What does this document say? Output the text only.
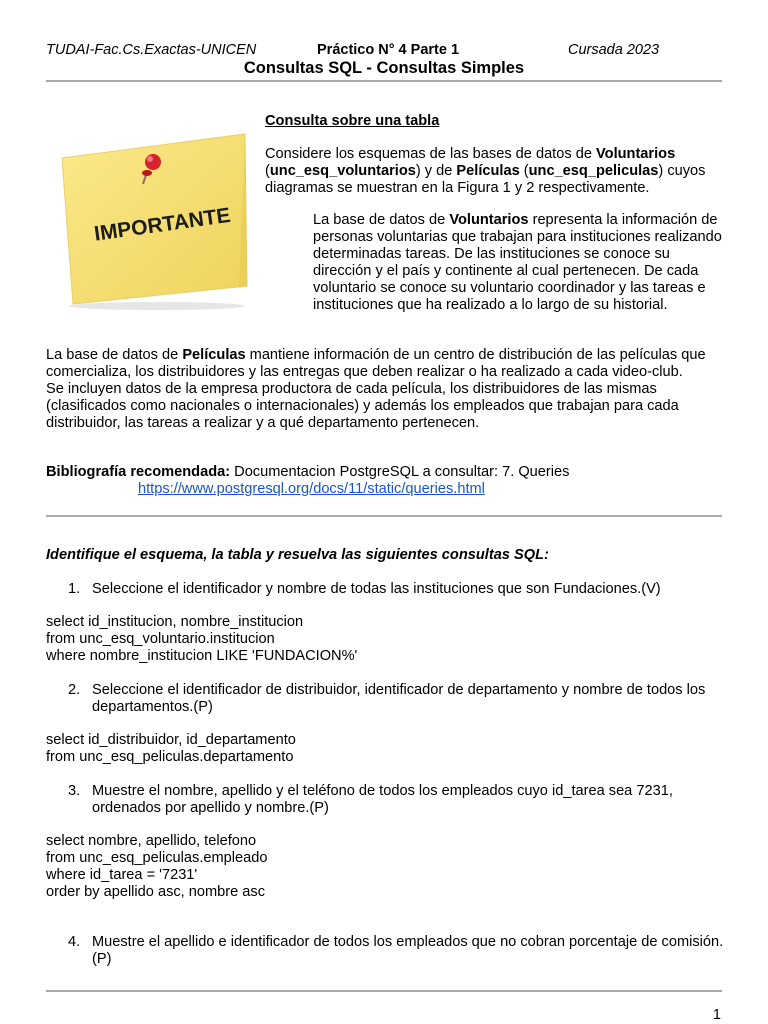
TUDAI-Fac.Cs.Exactas-UNICEN	Práctico N° 4 Parte 1	Cursada 2023
Consultas SQL - Consultas Simples
IMPORTANTE
Consulta sobre una tabla
Considere los esquemas de las bases de datos de Voluntarios (unc_esq_voluntarios) y de Películas (unc_esq_peliculas) cuyos diagramas se muestran en la Figura 1 y 2 respectivamente.
La base de datos de Voluntarios representa la información de personas voluntarias que trabajan para instituciones realizando determinadas tareas. De las instituciones se conoce su dirección y el país y continente al cual pertenecen. De cada voluntario se conoce su voluntario coordinador y las tareas e instituciones que ha realizado a lo largo de su historial.
La base de datos de Películas mantiene información de un centro de distribución de las películas que comercializa, los distribuidores y las entregas que deben realizar o ha realizado a cada video-club.
Se incluyen datos de la empresa productora de cada película, los distribuidores de las mismas (clasificados como nacionales o internacionales) y además los empleados que trabajan para cada distribuidor, las tareas a realizar y a qué departamento pertenecen.
Bibliografía recomendada: Documentacion PostgreSQL a consultar: 7. Queries
https://www.postgresql.org/docs/11/static/queries.html
Identifique el esquema, la tabla y resuelva las siguientes consultas SQL:
1. Seleccione el identificador y nombre de todas las instituciones que son Fundaciones.(V)
select id_institucion, nombre_institucion
from unc_esq_voluntario.institucion
where nombre_institucion LIKE 'FUNDACION%'
2. Seleccione el identificador de distribuidor, identificador de departamento y nombre de todos los departamentos.(P)
select id_distribuidor, id_departamento
from unc_esq_peliculas.departamento
3. Muestre el nombre, apellido y el teléfono de todos los empleados cuyo id_tarea sea 7231, ordenados por apellido y nombre.(P)
select nombre, apellido, telefono
from unc_esq_peliculas.empleado
where id_tarea = '7231'
order by apellido asc, nombre asc
4. Muestre el apellido e identificador de todos los empleados que no cobran porcentaje de comisión.(P)
1
